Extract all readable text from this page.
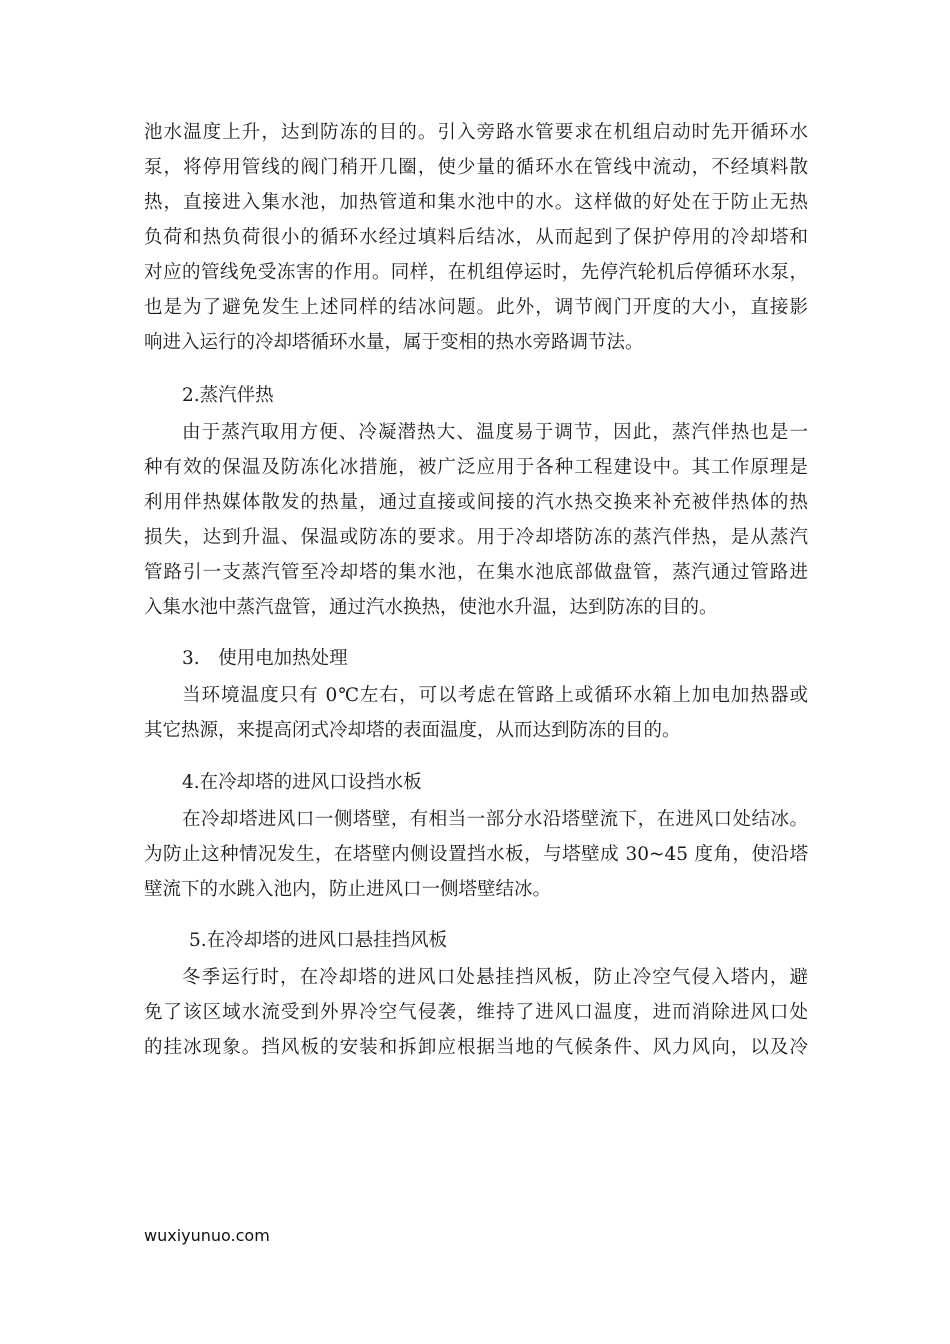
池水温度上升，达到防冻的目的。引入旁路水管要求在机组启动时先开循环水
泵，将停用管线的阀门稍开几圈，使少量的循环水在管线中流动，不经填料散
热，直接进入集水池，加热管道和集水池中的水。这样做的好处在于防止无热
负荷和热负荷很小的循环水经过填料后结冰，从而起到了保护停用的冷却塔和
对应的管线免受冻害的作用。同样，在机组停运时，先停汽轮机后停循环水泵，
也是为了避免发生上述同样的结冰问题。此外，调节阀门开度的大小，直接影
响进入运行的冷却塔循环水量，属于变相的热水旁路调节法。
2.蒸汽伴热
由于蒸汽取用方便、冷凝潜热大、温度易于调节，因此，蒸汽伴热也是一
种有效的保温及防冻化冰措施，被广泛应用于各种工程建设中。其工作原理是
利用伴热媒体散发的热量，通过直接或间接的汽水热交换来补充被伴热体的热
损失，达到升温、保温或防冻的要求。用于冷却塔防冻的蒸汽伴热，是从蒸汽
管路引一支蒸汽管至冷却塔的集水池，在集水池底部做盘管，蒸汽通过管路进
入集水池中蒸汽盘管，通过汽水换热，使池水升温，达到防冻的目的。
3.　使用电加热处理
当环境温度只有 0℃左右，可以考虑在管路上或循环水箱上加电加热器或
其它热源，来提高闭式冷却塔的表面温度，从而达到防冻的目的。
4.在冷却塔的进风口设挡水板
在冷却塔进风口一侧塔壁，有相当一部分水沿塔壁流下，在进风口处结冰。
为防止这种情况发生，在塔壁内侧设置挡水板，与塔壁成 30~45 度角，使沿塔
壁流下的水跳入池内，防止进风口一侧塔壁结冰。
5.在冷却塔的进风口悬挂挡风板
冬季运行时，在冷却塔的进风口处悬挂挡风板，防止冷空气侵入塔内，避
免了该区域水流受到外界冷空气侵袭，维持了进风口温度，进而消除进风口处
的挂冰现象。挡风板的安装和拆卸应根据当地的气候条件、风力风向，以及冷
wuxiyunuo.com
